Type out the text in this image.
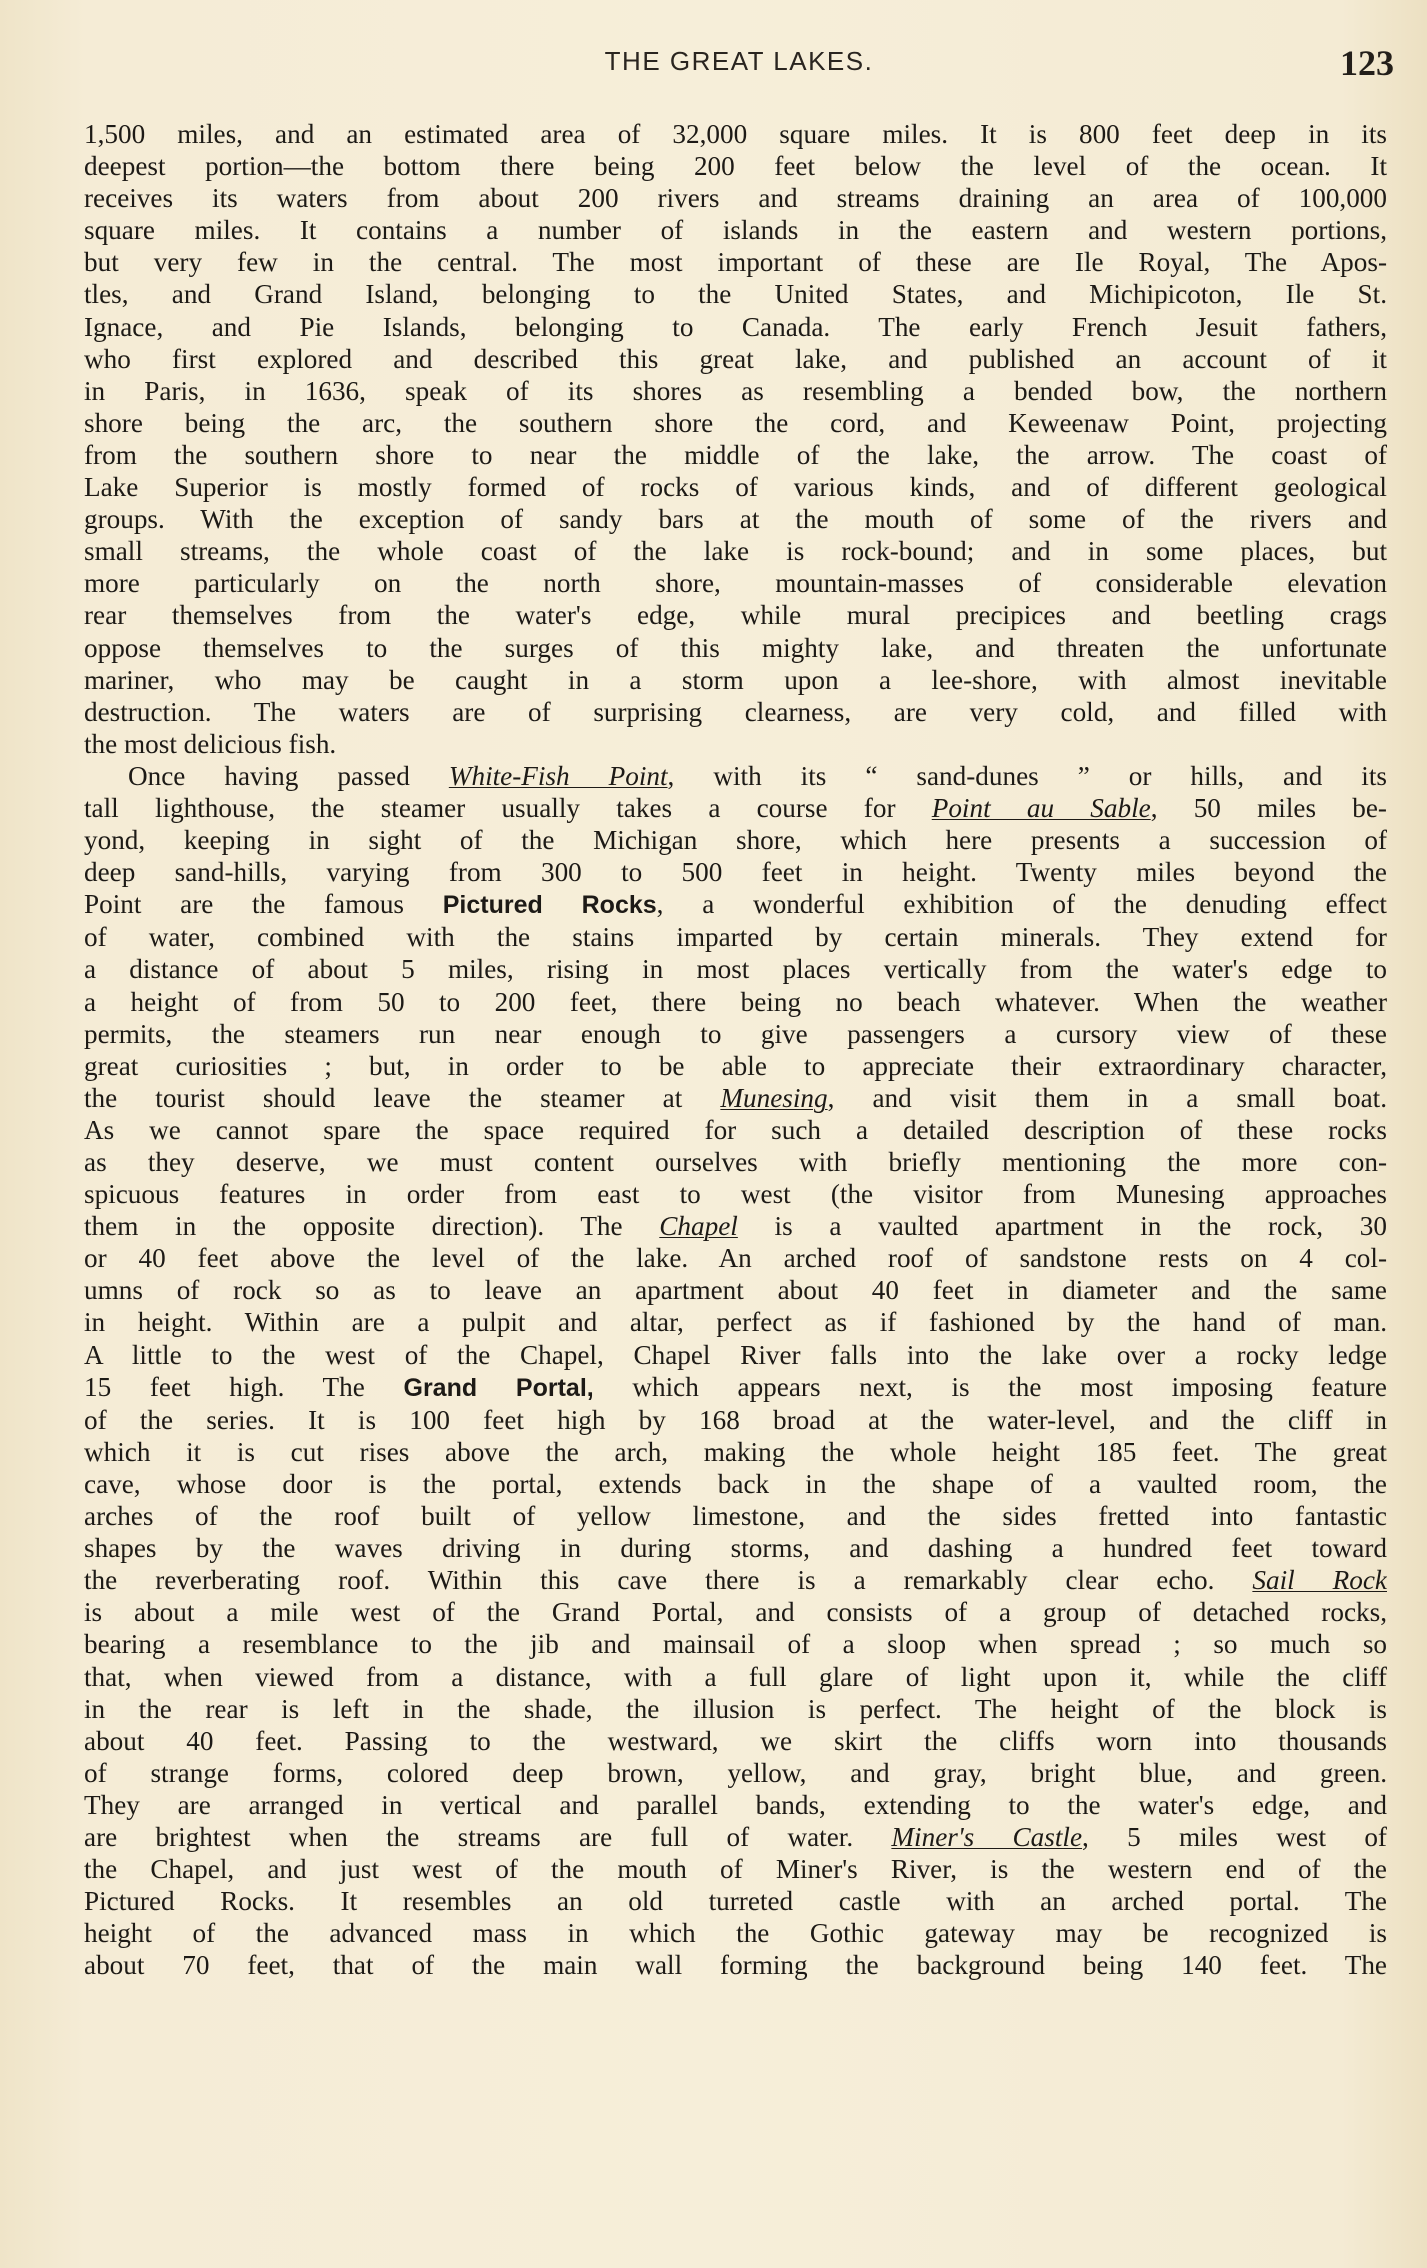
THE GREAT LAKES.	123
1,500 miles, and an estimated area of 32,000 square miles. It is 800 feet deep in its
deepest portion—the bottom there being 200 feet below the level of the ocean. It
receives its waters from about 200 rivers and streams draining an area of 100,000
square miles. It contains a number of islands in the eastern and western portions,
but very few in the central. The most important of these are Ile Royal, The Apos-
tles, and Grand Island, belonging to the United States, and Michipicoton, Ile St.
Ignace, and Pie Islands, belonging to Canada. The early French Jesuit fathers,
who first explored and described this great lake, and published an account of it
in Paris, in 1636, speak of its shores as resembling a bended bow, the northern
shore being the arc, the southern shore the cord, and Keweenaw Point, projecting
from the southern shore to near the middle of the lake, the arrow. The coast of
Lake Superior is mostly formed of rocks of various kinds, and of different geological
groups. With the exception of sandy bars at the mouth of some of the rivers and
small streams, the whole coast of the lake is rock-bound; and in some places, but
more particularly on the north shore, mountain-masses of considerable elevation
rear themselves from the water's edge, while mural precipices and beetling crags
oppose themselves to the surges of this mighty lake, and threaten the unfortunate
mariner, who may be caught in a storm upon a lee-shore, with almost inevitable
destruction. The waters are of surprising clearness, are very cold, and filled with
the most delicious fish.
Once having passed White-Fish Point, with its “ sand-dunes ” or hills, and its
tall lighthouse, the steamer usually takes a course for Point au Sable, 50 miles be-
yond, keeping in sight of the Michigan shore, which here presents a succession of
deep sand-hills, varying from 300 to 500 feet in height. Twenty miles beyond the
Point are the famous Pictured Rocks, a wonderful exhibition of the denuding effect
of water, combined with the stains imparted by certain minerals. They extend for
a distance of about 5 miles, rising in most places vertically from the water's edge to
a height of from 50 to 200 feet, there being no beach whatever. When the weather
permits, the steamers run near enough to give passengers a cursory view of these
great curiosities ; but, in order to be able to appreciate their extraordinary character,
the tourist should leave the steamer at Munesing, and visit them in a small boat.
As we cannot spare the space required for such a detailed description of these rocks
as they deserve, we must content ourselves with briefly mentioning the more con-
spicuous features in order from east to west (the visitor from Munesing approaches
them in the opposite direction). The Chapel is a vaulted apartment in the rock, 30
or 40 feet above the level of the lake. An arched roof of sandstone rests on 4 col-
umns of rock so as to leave an apartment about 40 feet in diameter and the same
in height. Within are a pulpit and altar, perfect as if fashioned by the hand of man.
A little to the west of the Chapel, Chapel River falls into the lake over a rocky ledge
15 feet high. The Grand Portal, which appears next, is the most imposing feature
of the series. It is 100 feet high by 168 broad at the water-level, and the cliff in
which it is cut rises above the arch, making the whole height 185 feet. The great
cave, whose door is the portal, extends back in the shape of a vaulted room, the
arches of the roof built of yellow limestone, and the sides fretted into fantastic
shapes by the waves driving in during storms, and dashing a hundred feet toward
the reverberating roof. Within this cave there is a remarkably clear echo. Sail Rock
is about a mile west of the Grand Portal, and consists of a group of detached rocks,
bearing a resemblance to the jib and mainsail of a sloop when spread ; so much so
that, when viewed from a distance, with a full glare of light upon it, while the cliff
in the rear is left in the shade, the illusion is perfect. The height of the block is
about 40 feet. Passing to the westward, we skirt the cliffs worn into thousands
of strange forms, colored deep brown, yellow, and gray, bright blue, and green.
They are arranged in vertical and parallel bands, extending to the water's edge, and
are brightest when the streams are full of water. Miner's Castle, 5 miles west of
the Chapel, and just west of the mouth of Miner's River, is the western end of the
Pictured Rocks. It resembles an old turreted castle with an arched portal. The
height of the advanced mass in which the Gothic gateway may be recognized is
about 70 feet, that of the main wall forming the background being 140 feet. The
